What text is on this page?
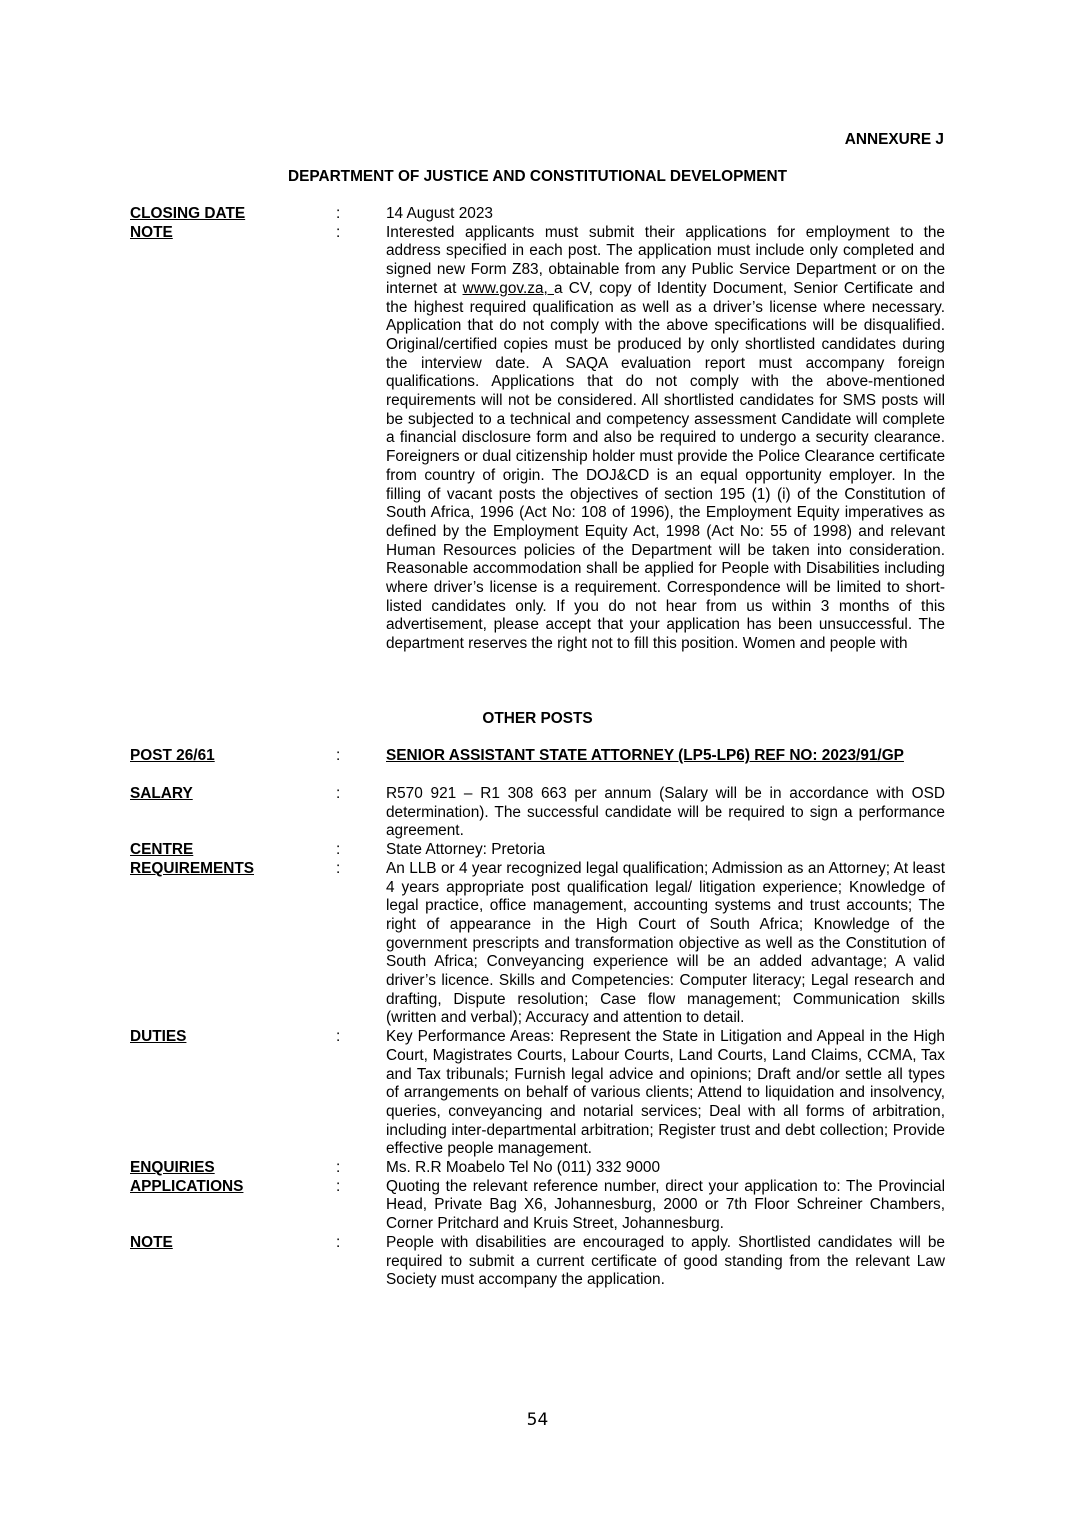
ANNEXURE J
DEPARTMENT OF JUSTICE AND CONSTITUTIONAL DEVELOPMENT
CLOSING DATE	:	14 August 2023
NOTE	:	Interested applicants must submit their applications for employment to the address specified in each post. The application must include only completed and signed new Form Z83, obtainable from any Public Service Department or on the internet at www.gov.za, a CV, copy of Identity Document, Senior Certificate and the highest required qualification as well as a driver’s license where necessary. Application that do not comply with the above specifications will be disqualified. Original/certified copies must be produced by only shortlisted candidates during the interview date. A SAQA evaluation report must accompany foreign qualifications. Applications that do not comply with the above-mentioned requirements will not be considered. All shortlisted candidates for SMS posts will be subjected to a technical and competency assessment Candidate will complete a financial disclosure form and also be required to undergo a security clearance. Foreigners or dual citizenship holder must provide the Police Clearance certificate from country of origin. The DOJ&CD is an equal opportunity employer. In the filling of vacant posts the objectives of section 195 (1) (i) of the Constitution of South Africa, 1996 (Act No: 108 of 1996), the Employment Equity imperatives as defined by the Employment Equity Act, 1998 (Act No: 55 of 1998) and relevant Human Resources policies of the Department will be taken into consideration. Reasonable accommodation shall be applied for People with Disabilities including where driver’s license is a requirement. Correspondence will be limited to short-listed candidates only. If you do not hear from us within 3 months of this advertisement, please accept that your application has been unsuccessful. The department reserves the right not to fill this position. Women and people with
OTHER POSTS
POST 26/61	:	SENIOR ASSISTANT STATE ATTORNEY (LP5-LP6) REF NO: 2023/91/GP
SALARY	:	R570 921 – R1 308 663 per annum (Salary will be in accordance with OSD determination). The successful candidate will be required to sign a performance agreement.
CENTRE	:	State Attorney: Pretoria
REQUIREMENTS	:	An LLB or 4 year recognized legal qualification; Admission as an Attorney; At least 4 years appropriate post qualification legal/ litigation experience; Knowledge of legal practice, office management, accounting systems and trust accounts; The right of appearance in the High Court of South Africa; Knowledge of the government prescripts and transformation objective as well as the Constitution of South Africa; Conveyancing experience will be an added advantage; A valid driver’s licence. Skills and Competencies: Computer literacy; Legal research and drafting, Dispute resolution; Case flow management; Communication skills (written and verbal); Accuracy and attention to detail.
DUTIES	:	Key Performance Areas: Represent the State in Litigation and Appeal in the High Court, Magistrates Courts, Labour Courts, Land Courts, Land Claims, CCMA, Tax and Tax tribunals; Furnish legal advice and opinions; Draft and/or settle all types of arrangements on behalf of various clients; Attend to liquidation and insolvency, queries, conveyancing and notarial services; Deal with all forms of arbitration, including inter-departmental arbitration; Register trust and debt collection; Provide effective people management.
ENQUIRIES	:	Ms. R.R Moabelo Tel No (011) 332 9000
APPLICATIONS	:	Quoting the relevant reference number, direct your application to: The Provincial Head, Private Bag X6, Johannesburg, 2000 or 7th Floor Schreiner Chambers, Corner Pritchard and Kruis Street, Johannesburg.
NOTE	:	People with disabilities are encouraged to apply. Shortlisted candidates will be required to submit a current certificate of good standing from the relevant Law Society must accompany the application.
54
